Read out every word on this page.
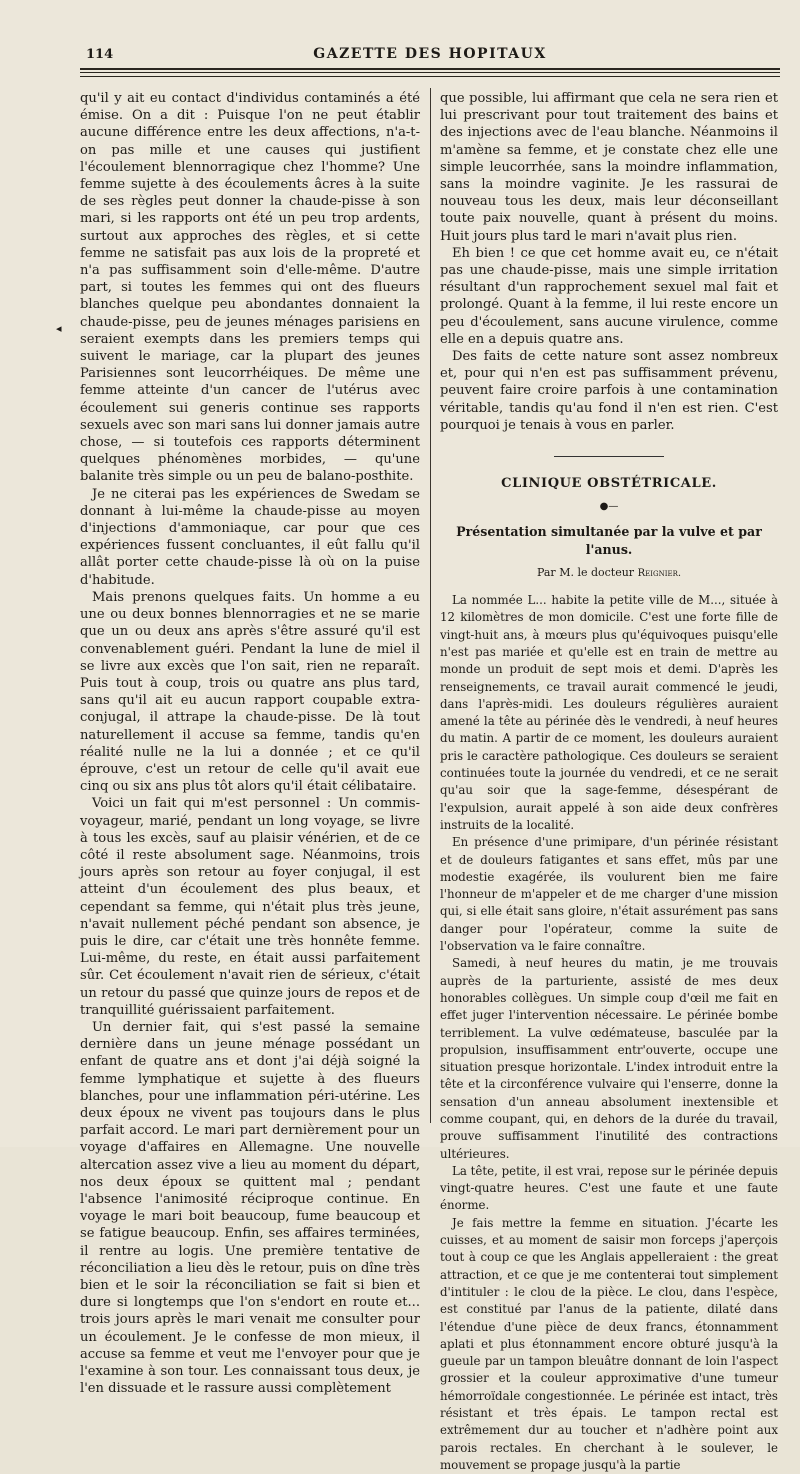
114	GAZETTE DES HOPITAUX
◂

qu'il y ait eu contact d'individus contaminés a été émise. On a dit : Puisque l'on ne peut établir aucune différence entre les deux affections, n'a-t-on pas mille et une causes qui justifient l'écoulement blennorragique chez l'homme? Une femme sujette à des écoulements âcres à la suite de ses règles peut donner la chaude-pisse à son mari, si les rapports ont été un peu trop ardents, surtout aux approches des règles, et si cette femme ne satisfait pas aux lois de la propreté et n'a pas suffisamment soin d'elle-même. D'autre part, si toutes les femmes qui ont des flueurs blanches quelque peu abondantes donnaient la chaude-pisse, peu de jeunes ménages parisiens en seraient exempts dans les premiers temps qui suivent le mariage, car la plupart des jeunes Parisiennes sont leucorrhéiques. De même une femme atteinte d'un cancer de l'utérus avec écoulement sui generis continue ses rapports sexuels avec son mari sans lui donner jamais autre chose, — si toutefois ces rapports déterminent quelques phénomènes morbides, — qu'une balanite très simple ou un peu de balano-posthite.

Je ne citerai pas les expériences de Swedam se donnant à lui-même la chaude-pisse au moyen d'injections d'ammoniaque, car pour que ces expériences fussent concluantes, il eût fallu qu'il allât porter cette chaude-pisse là où on la puise d'habitude.

Mais prenons quelques faits. Un homme a eu une ou deux bonnes blennorragies et ne se marie que un ou deux ans après s'être assuré qu'il est convenablement guéri. Pendant la lune de miel il se livre aux excès que l'on sait, rien ne reparaît. Puis tout à coup, trois ou quatre ans plus tard, sans qu'il ait eu aucun rapport coupable extra-conjugal, il attrape la chaude-pisse. De là tout naturellement il accuse sa femme, tandis qu'en réalité nulle ne la lui a donnée ; et ce qu'il éprouve, c'est un retour de celle qu'il avait eue cinq ou six ans plus tôt alors qu'il était célibataire.

Voici un fait qui m'est personnel : Un commis-voyageur, marié, pendant un long voyage, se livre à tous les excès, sauf au plaisir vénérien, et de ce côté il reste absolument sage. Néanmoins, trois jours après son retour au foyer conjugal, il est atteint d'un écoulement des plus beaux, et cependant sa femme, qui n'était plus très jeune, n'avait nullement péché pendant son absence, je puis le dire, car c'était une très honnête femme. Lui-même, du reste, en était aussi parfaitement sûr. Cet écoulement n'avait rien de sérieux, c'était un retour du passé que quinze jours de repos et de tranquillité guérissaient parfaitement.

Un dernier fait, qui s'est passé la semaine dernière dans un jeune ménage possédant un enfant de quatre ans et dont j'ai déjà soigné la femme lymphatique et sujette à des flueurs blanches, pour une inflammation péri-utérine. Les deux époux ne vivent pas toujours dans le plus parfait accord. Le mari part dernièrement pour un voyage d'affaires en Allemagne. Une nouvelle altercation assez vive a lieu au moment du départ, nos deux époux se quittent mal ; pendant l'absence l'animosité réciproque continue. En voyage le mari boit beaucoup, fume beaucoup et se fatigue beaucoup. Enfin, ses affaires terminées, il rentre au logis. Une première tentative de réconciliation a lieu dès le retour, puis on dîne très bien et le soir la réconciliation se fait si bien et dure si longtemps que l'on s'endort en route et... trois jours après le mari venait me consulter pour un écoulement. Je le confesse de mon mieux, il accuse sa femme et veut me l'envoyer pour que je l'examine à son tour. Les connaissant tous deux, je l'en dissuade et le rassure aussi complètement

que possible, lui affirmant que cela ne sera rien et lui prescrivant pour tout traitement des bains et des injections avec de l'eau blanche. Néanmoins il m'amène sa femme, et je constate chez elle une simple leucorrhée, sans la moindre inflammation, sans la moindre vaginite. Je les rassurai de nouveau tous les deux, mais leur déconseillant toute paix nouvelle, quant à présent du moins. Huit jours plus tard le mari n'avait plus rien.

Eh bien ! ce que cet homme avait eu, ce n'était pas une chaude-pisse, mais une simple irritation résultant d'un rapprochement sexuel mal fait et prolongé. Quant à la femme, il lui reste encore un peu d'écoulement, sans aucune virulence, comme elle en a depuis quatre ans.

Des faits de cette nature sont assez nombreux et, pour qui n'en est pas suffisamment prévenu, peuvent faire croire parfois à une contamination véritable, tandis qu'au fond il n'en est rien. C'est pourquoi je tenais à vous en parler.

CLINIQUE OBSTÉTRICALE.
●—
Présentation simultanée par la vulve et par l'anus.
Par M. le docteur Reignier.

La nommée L... habite la petite ville de M..., située à 12 kilomètres de mon domicile. C'est une forte fille de vingt-huit ans, à mœurs plus qu'équivoques puisqu'elle n'est pas mariée et qu'elle est en train de mettre au monde un produit de sept mois et demi. D'après les renseignements, ce travail aurait commencé le jeudi, dans l'après-midi. Les douleurs régulières auraient amené la tête au périnée dès le vendredi, à neuf heures du matin. A partir de ce moment, les douleurs auraient pris le caractère pathologique. Ces douleurs se seraient continuées toute la journée du vendredi, et ce ne serait qu'au soir que la sage-femme, désespérant de l'expulsion, aurait appelé à son aide deux confrères instruits de la localité.

En présence d'une primipare, d'un périnée résistant et de douleurs fatigantes et sans effet, mûs par une modestie exagérée, ils voulurent bien me faire l'honneur de m'appeler et de me charger d'une mission qui, si elle était sans gloire, n'était assurément pas sans danger pour l'opérateur, comme la suite de l'observation va le faire connaître.

Samedi, à neuf heures du matin, je me trouvais auprès de la parturiente, assisté de mes deux honorables collègues. Un simple coup d'œil me fait en effet juger l'intervention nécessaire. Le périnée bombe terriblement. La vulve œdémateuse, basculée par la propulsion, insuffisamment entr'ouverte, occupe une situation presque horizontale. L'index introduit entre la tête et la circonférence vulvaire qui l'enserre, donne la sensation d'un anneau absolument inextensible et comme coupant, qui, en dehors de la durée du travail, prouve suffisamment l'inutilité des contractions ultérieures.

La tête, petite, il est vrai, repose sur le périnée depuis vingt-quatre heures. C'est une faute et une faute énorme.

Je fais mettre la femme en situation. J'écarte les cuisses, et au moment de saisir mon forceps j'aperçois tout à coup ce que les Anglais appelleraient : the great attraction, et ce que je me contenterai tout simplement d'intituler : le clou de la pièce. Le clou, dans l'espèce, est constitué par l'anus de la patiente, dilaté dans l'étendue d'une pièce de deux francs, étonnamment aplati et plus étonnamment encore obturé jusqu'à la gueule par un tampon bleuâtre donnant de loin l'aspect grossier et la couleur approximative d'une tumeur hémorroïdale congestionnée. Le périnée est intact, très résistant et très épais. Le tampon rectal est extrêmement dur au toucher et n'adhère point aux parois rectales. En cherchant à le soulever, le mouvement se propage jusqu'à la partie
